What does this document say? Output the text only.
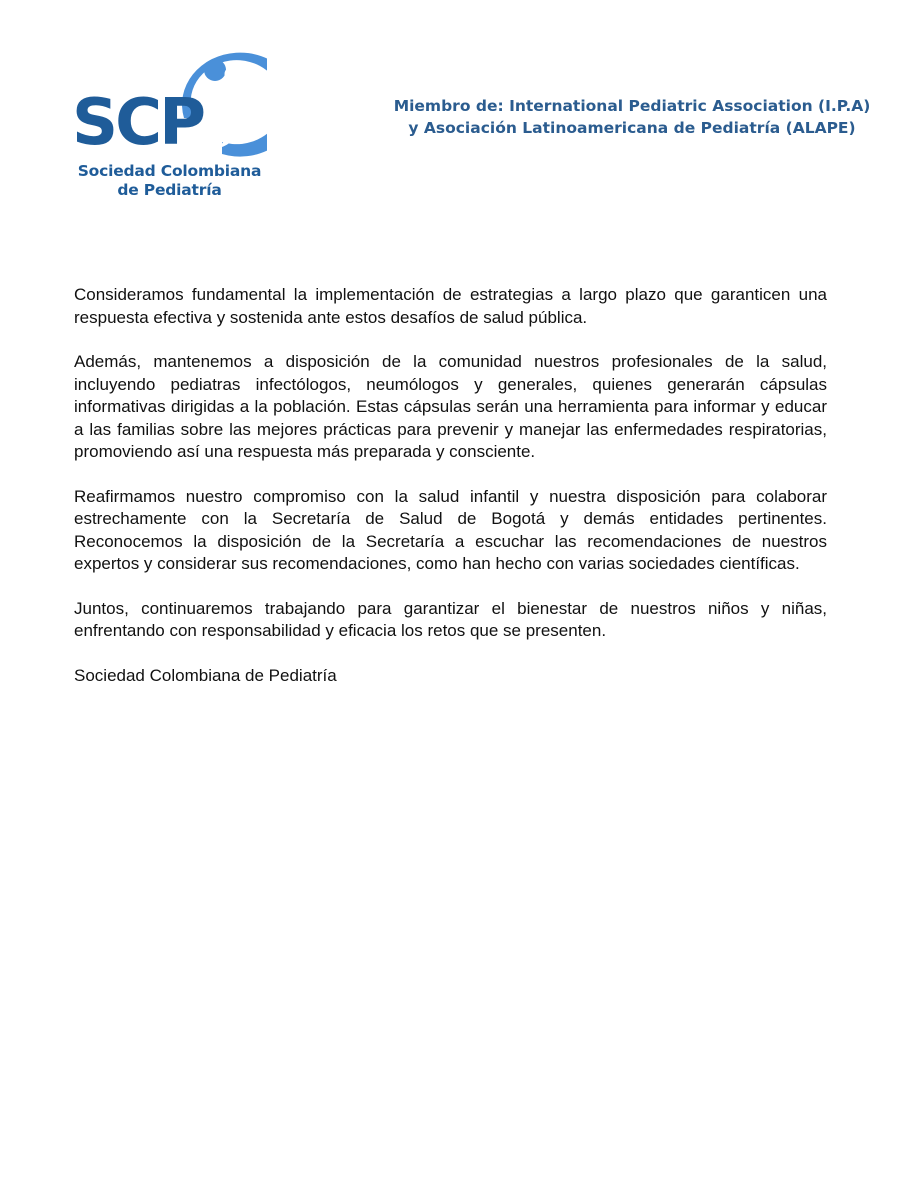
SCP
Sociedad Colombiana
de Pediatría
Miembro de: International Pediatric Association (I.P.A)
y Asociación Latinoamericana de Pediatría (ALAPE)

Consideramos fundamental la implementación de estrategias a largo plazo que garanticen una respuesta efectiva y sostenida ante estos desafíos de salud pública.

Además, mantenemos a disposición de la comunidad nuestros profesionales de la salud, incluyendo pediatras infectólogos, neumólogos y generales, quienes generarán cápsulas informativas dirigidas a la población. Estas cápsulas serán una herramienta para informar y educar a las familias sobre las mejores prácticas para prevenir y manejar las enfermedades respiratorias, promoviendo así una respuesta más preparada y consciente.

Reafirmamos nuestro compromiso con la salud infantil y nuestra disposición para colaborar estrechamente con la Secretaría de Salud de Bogotá y demás entidades pertinentes. Reconocemos la disposición de la Secretaría a escuchar las recomendaciones de nuestros expertos y considerar sus recomendaciones, como han hecho con varias sociedades científicas.

Juntos, continuaremos trabajando para garantizar el bienestar de nuestros niños y niñas, enfrentando con responsabilidad y eficacia los retos que se presenten.

Sociedad Colombiana de Pediatría
